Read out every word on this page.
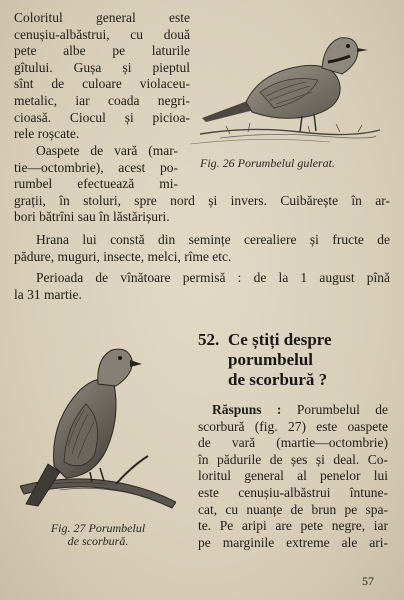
Coloritul general este
cenușiu-albăstrui, cu două
pete albe pe laturile
gîtului. Gușa și pieptul
sînt de culoare violaceu-
metalic, iar coada negri-
cioasă. Ciocul și picioa-
rele roșcate.
Fig. 26 Porumbelul gulerat.
Oaspete de vară (mar-
tie—octombrie), acest po-
rumbel efectuează mi-
grații, în stoluri, spre nord și invers. Cuibărește în ar-
bori bătrîni sau în lăstărișuri.
Hrana lui constă din semințe cerealiere și fructe de
pădure, muguri, insecte, melci, rîme etc.
Perioada de vînătoare permisă : de la 1 august pînă
la 31 martie.
Fig. 27 Porumbelul
de scorbură.
52. Ce știți despre
porumbelul
de scorbură ?
Răspuns : Porumbelul de
scorbură (fig. 27) este oaspete
de vară (martie—octombrie)
în pădurile de șes și deal. Co-
loritul general al penelor lui
este cenușiu-albăstrui întune-
cat, cu nuanțe de brun pe spa-
te. Pe aripi are pete negre, iar
pe marginile extreme ale ari-
57
